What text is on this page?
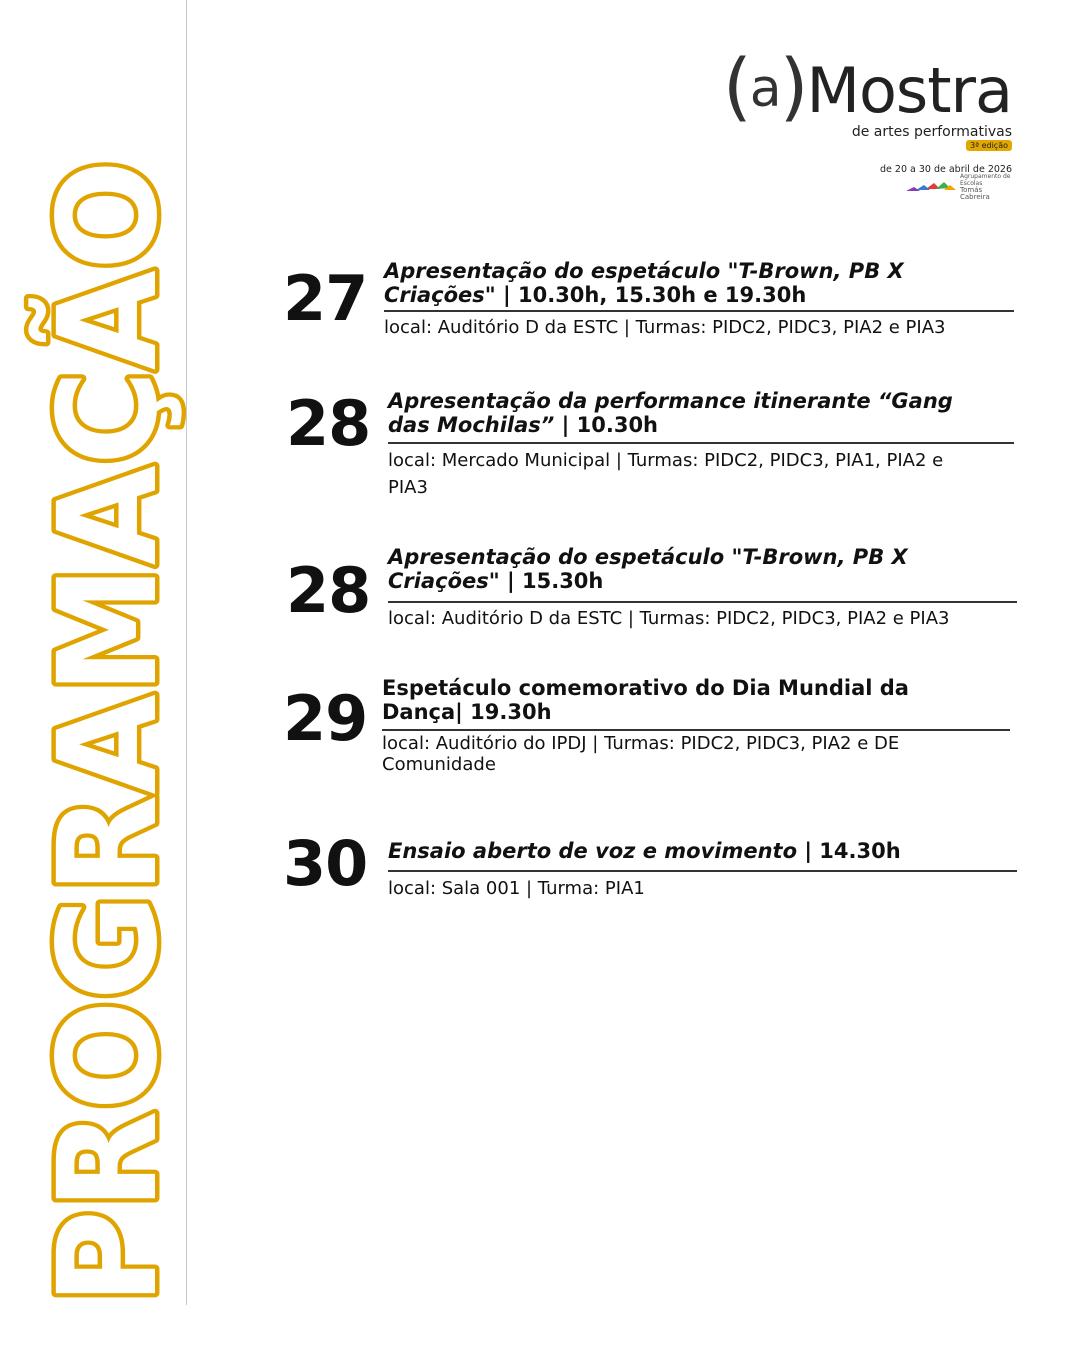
PROGRAMAÇÃO
(a)Mostra
de artes performativas
3ª edição
de 20 a 30 de abril de 2026
Agrupamento de Escolas
Tomás Cabreira
27 Apresentação do espetáculo "T-Brown, PB X
Criações" | 10.30h, 15.30h e 19.30h
local: Auditório D da ESTC | Turmas: PIDC2, PIDC3, PIA2 e PIA3
28 Apresentação da performance itinerante “Gang
das Mochilas” | 10.30h
local: Mercado Municipal | Turmas: PIDC2, PIDC3, PIA1, PIA2 e
PIA3
28 Apresentação do espetáculo "T-Brown, PB X
Criações" | 15.30h
local: Auditório D da ESTC | Turmas: PIDC2, PIDC3, PIA2 e PIA3
29 Espetáculo comemorativo do Dia Mundial da
Dança| 19.30h
local: Auditório do IPDJ | Turmas: PIDC2, PIDC3, PIA2 e DE
Comunidade
30 Ensaio aberto de voz e movimento | 14.30h
local: Sala 001 | Turma: PIA1
